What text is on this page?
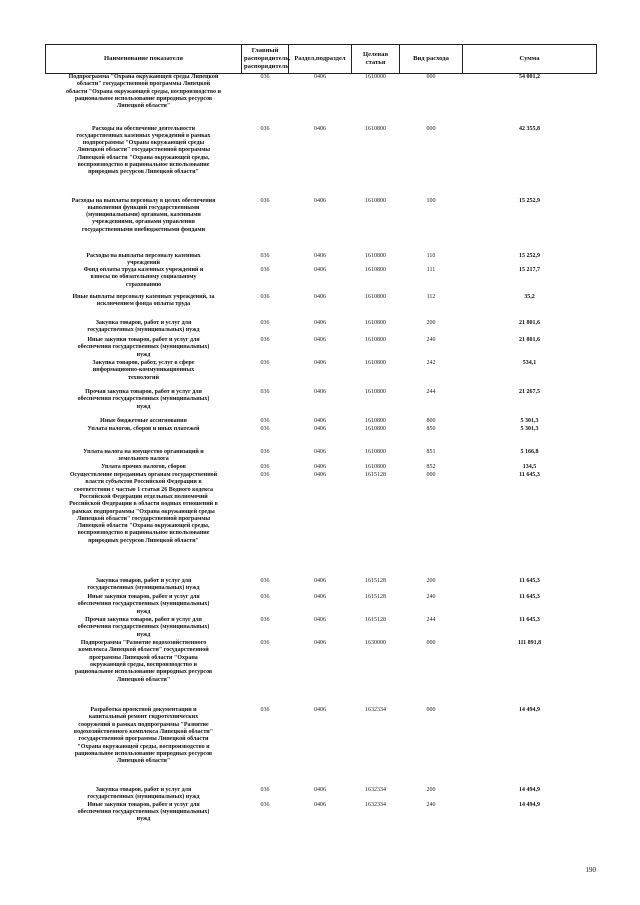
Наименование показателя	Главный распорядитель, распорядитель	Раздел,подраздел	Целевая статья	Вид расхода	Сумма

Подпрограмма "Охрана окружающей среды Липецкой области" государственной программы Липецкой области "Охрана окружающей среды, воспроизводство и рациональное использование природных ресурсов Липецкой области"	036	0406	1610000	000	54 001,2

Расходы на обеспечение деятельности государственных казенных учреждений в рамках подпрограммы "Охрана окружающей среды Липецкой области" государственной программы Липецкой области "Охрана окружающей среды, воспроизводство и рациональное использование природных ресурсов Липецкой области"	036	0406	1610800	000	42 355,8

Расходы на выплаты персоналу в целях обеспечения выполнения функций государственными (муниципальными) органами, казенными учреждениями, органами управления государственными внебюджетными фондами	036	0406	1610800	100	15 252,9

Расходы на выплаты персоналу казенных учреждений	036	0406	1610800	110	15 252,9

Фонд оплаты труда казенных учреждений и взносы по обязательному социальному страхованию	036	0406	1610800	111	15 217,7

Иные выплаты персоналу казенных учреждений, за исключением фонда оплаты труда	036	0406	1610800	112	35,2

Закупка товаров, работ и услуг для государственных (муниципальных) нужд	036	0406	1610800	200	21 801,6

Иные закупки товаров, работ и услуг для обеспечения государственных (муниципальных) нужд	036	0406	1610800	240	21 801,6

Закупка товаров, работ, услуг в сфере информационно-коммуникационных технологий	036	0406	1610800	242	534,1

Прочая закупка товаров, работ и услуг для обеспечения государственных (муниципальных) нужд	036	0406	1610800	244	21 267,5

Иные бюджетные ассигнования	036	0406	1610800	800	5 301,3

Уплата налогов, сборов и иных платежей	036	0406	1610800	850	5 301,3

Уплата налога на имущество организаций и земельного налога	036	0406	1610800	851	5 166,8

Уплата прочих налогов, сборов	036	0406	1610800	852	134,5

Осуществление переданных органам государственной власти субъектов Российской Федерации в соответствии с частью 1 статьи 26 Водного кодекса Российской Федерации отдельных полномочий Российской Федерации в области водных отношений в рамках подпрограммы "Охрана окружающей среды Липецкой области" государственной программы Липецкой области "Охрана окружающей среды, воспроизводство и рациональное использование природных ресурсов Липецкой области"	036	0406	1615128	000	11 645,3

Закупка товаров, работ и услуг для государственных (муниципальных) нужд	036	0406	1615128	200	11 645,3

Иные закупки товаров, работ и услуг для обеспечения государственных (муниципальных) нужд	036	0406	1615128	240	11 645,3

Прочая закупка товаров, работ и услуг для обеспечения государственных (муниципальных) нужд	036	0406	1615128	244	11 645,3

Подпрограмма "Развитие водохозяйственного комплекса Липецкой области" государственной программы Липецкой области "Охрана окружающей среды, воспроизводство и рациональное использование природных ресурсов Липецкой области"	036	0406	1630000	000	111 891,8

Разработка проектной документации и капитальный ремонт гидротехнических сооружений в рамках подпрограммы "Развитие водохозяйственного комплекса Липецкой области" государственной программы Липецкой области "Охрана окружающей среды, воспроизводство и рациональное использование природных ресурсов Липецкой области"	036	0406	1632334	000	14 494,9

Закупка товаров, работ и услуг для государственных (муниципальных) нужд	036	0406	1632334	200	14 494,9

Иные закупки товаров, работ и услуг для обеспечения государственных (муниципальных) нужд	036	0406	1632334	240	14 494,9
190
